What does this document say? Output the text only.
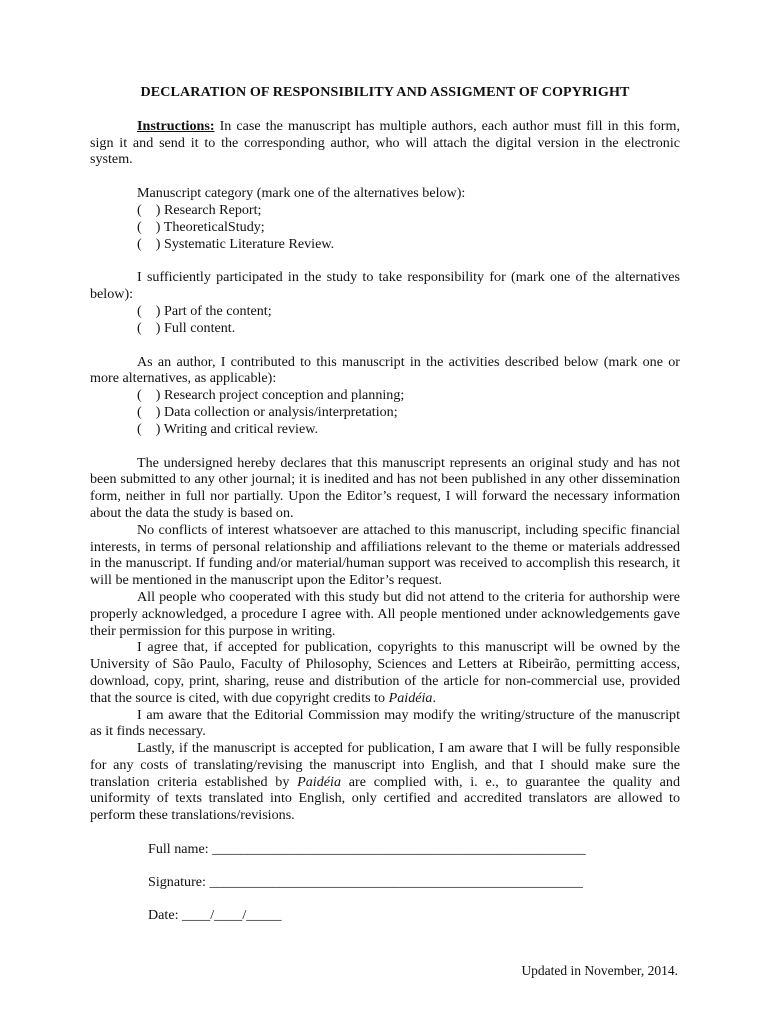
DECLARATION OF RESPONSIBILITY AND ASSIGMENT OF COPYRIGHT

Instructions: In case the manuscript has multiple authors, each author must fill in this form, sign it and send it to the corresponding author, who will attach the digital version in the electronic system.

Manuscript category (mark one of the alternatives below):

(    ) Research Report;

(    ) TheoreticalStudy;

(    ) Systematic Literature Review.

I sufficiently participated in the study to take responsibility for (mark one of the alternatives below):

(    ) Part of the content;

(    ) Full content.

As an author, I contributed to this manuscript in the activities described below (mark one or more alternatives, as applicable):

(    ) Research project conception and planning;

(    ) Data collection or analysis/interpretation;

(    ) Writing and critical review.

The undersigned hereby declares that this manuscript represents an original study and has not been submitted to any other journal; it is inedited and has not been published in any other dissemination form, neither in full nor partially. Upon the Editor’s request, I will forward the necessary information about the data the study is based on.

No conflicts of interest whatsoever are attached to this manuscript, including specific financial interests, in terms of personal relationship and affiliations relevant to the theme or materials addressed in the manuscript. If funding and/or material/human support was received to accomplish this research, it will be mentioned in the manuscript upon the Editor’s request.

All people who cooperated with this study but did not attend to the criteria for authorship were properly acknowledged, a procedure I agree with. All people mentioned under acknowledgements gave their permission for this purpose in writing.

I agree that, if accepted for publication, copyrights to this manuscript will be owned by the University of São Paulo, Faculty of Philosophy, Sciences and Letters at Ribeirão, permitting access, download, copy, print, sharing, reuse and distribution of the article for non-commercial use, provided that the source is cited, with due copyright credits to Paidéia.

I am aware that the Editorial Commission may modify the writing/structure of the manuscript as it finds necessary.

Lastly, if the manuscript is accepted for publication, I am aware that I will be fully responsible for any costs of translating/revising the manuscript into English, and that I should make sure the translation criteria established by Paidéia are complied with, i. e., to guarantee the quality and uniformity of texts translated into English, only certified and accredited translators are allowed to perform these translations/revisions.

Full name: _____________________________________________________

Signature: _____________________________________________________

Date: ____/____/_____

Updated in November, 2014.
